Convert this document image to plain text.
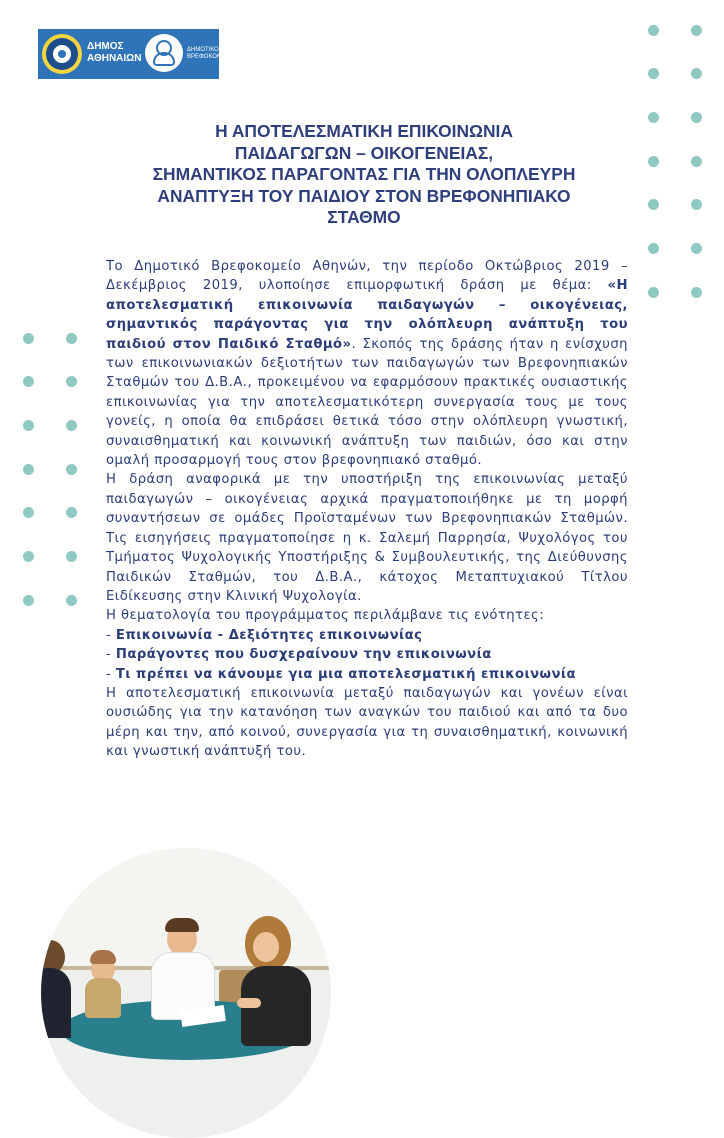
ΔΗΜΟΣ
ΑΘΗΝΑΙΩΝ
ΔΗΜΟΤΙΚΟ
ΒΡΕΦΟΚΟΜΕΙΟ
Η ΑΠΟΤΕΛΕΣΜΑΤΙΚΗ ΕΠΙΚΟΙΝΩΝΙΑ
ΠΑΙΔΑΓΩΓΩΝ – ΟΙΚΟΓΕΝΕΙΑΣ,
ΣΗΜΑΝΤΙΚΟΣ ΠΑΡΑΓΟΝΤΑΣ ΓΙΑ ΤΗΝ ΟΛΟΠΛΕΥΡΗ
ΑΝΑΠΤΥΞΗ ΤΟΥ ΠΑΙΔΙΟΥ ΣΤΟΝ ΒΡΕΦΟΝΗΠΙΑΚΟ
ΣΤΑΘΜΟ

Το Δημοτικό Βρεφοκομείο Αθηνών, την περίοδο Οκτώβριος 2019 – Δεκέμβριος 2019, υλοποίησε επιμορφωτική δράση με θέμα: «Η αποτελεσματική επικοινωνία παιδαγωγών – οικογένειας, σημαντικός παράγοντας για την ολόπλευρη ανάπτυξη του παιδιού στον Παιδικό Σταθμό». Σκοπός της δράσης ήταν η ενίσχυση των επικοινωνιακών δεξιοτήτων των παιδαγωγών των Βρεφονηπιακών Σταθμών του Δ.Β.Α., προκειμένου να εφαρμόσουν πρακτικές ουσιαστικής επικοινωνίας για την αποτελεσματικότερη συνεργασία τους με τους γονείς, η οποία θα επιδράσει θετικά τόσο στην ολόπλευρη γνωστική, συναισθηματική και κοινωνική ανάπτυξη των παιδιών, όσο και στην ομαλή προσαρμογή τους στον βρεφονηπιακό σταθμό.

Η δράση αναφορικά με την υποστήριξη της επικοινωνίας μεταξύ παιδαγωγών – οικογένειας αρχικά πραγματοποιήθηκε με τη μορφή συναντήσεων σε ομάδες Προϊσταμένων των Βρεφονηπιακών Σταθμών. Τις εισηγήσεις πραγματοποίησε η κ. Σαλεμή Παρρησία, Ψυχολόγος του Τμήματος Ψυχολογικής Υποστήριξης & Συμβουλευτικής, της Διεύθυνσης Παιδικών Σταθμών, του Δ.Β.Α., κάτοχος Μεταπτυχιακού Τίτλου Ειδίκευσης στην Κλινική Ψυχολογία.

Η θεματολογία του προγράμματος περιλάμβανε τις ενότητες:

- Επικοινωνία - Δεξιότητες επικοινωνίας

- Παράγοντες που δυσχεραίνουν την επικοινωνία

- Τι πρέπει να κάνουμε για μια αποτελεσματική επικοινωνία

Η αποτελεσματική επικοινωνία μεταξύ παιδαγωγών και γονέων είναι ουσιώδης για την κατανόηση των αναγκών του παιδιού και από τα δυο μέρη και την, από κοινού, συνεργασία για τη συναισθηματική, κοινωνική και γνωστική ανάπτυξή του.
